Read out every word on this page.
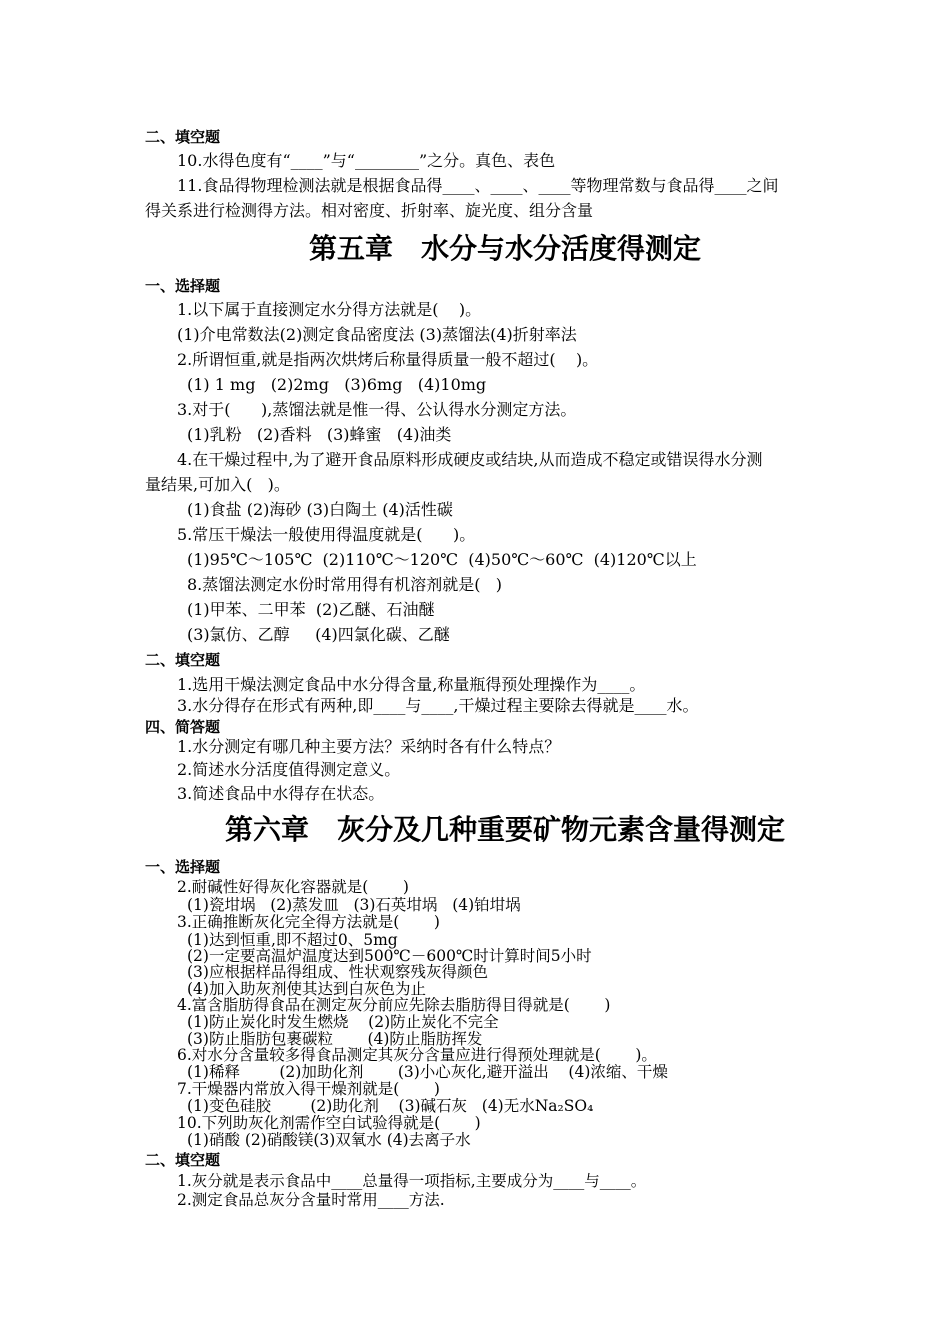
二、填空题

10.水得色度有“____”与“________”之分。真色、表色

11.食品得物理检测法就是根据食品得____、____、____等物理常数与食品得____之间

得关系进行检测得方法。相对密度、折射率、旋光度、组分含量

第五章　水分与水分活度得测定

一、选择题

1.以下属于直接测定水分得方法就是(    )。

(1)介电常数法(2)测定食品密度法 (3)蒸馏法(4)折射率法

2.所谓恒重,就是指两次烘烤后称量得质量一般不超过(    )。

(1) 1 mg   (2)2mg   (3)6mg   (4)10mg

3.对于(      ),蒸馏法就是惟一得、公认得水分测定方法。

(1)乳粉   (2)香料   (3)蜂蜜   (4)油类

4.在干燥过程中,为了避开食品原料形成硬皮或结块,从而造成不稳定或错误得水分测

量结果,可加入(   )。

(1)食盐 (2)海砂 (3)白陶土 (4)活性碳

5.常压干燥法一般使用得温度就是(      )。

(1)95℃～105℃  (2)110℃～120℃  (4)50℃～60℃  (4)120℃以上

8.蒸馏法测定水份时常用得有机溶剂就是(   )

(1)甲苯、二甲苯  (2)乙醚、石油醚

(3)氯仿、乙醇     (4)四氯化碳、乙醚

二、填空题

1.选用干燥法测定食品中水分得含量,称量瓶得预处理操作为____。

3.水分得存在形式有两种,即____与____,干燥过程主要除去得就是____水。

四、简答题

1.水分测定有哪几种主要方法？采纳时各有什么特点？

2.简述水分活度值得测定意义。

3.简述食品中水得存在状态。

第六章　灰分及几种重要矿物元素含量得测定

一、选择题

2.耐碱性好得灰化容器就是(       )

(1)瓷坩埚   (2)蒸发皿   (3)石英坩埚   (4)铂坩埚

3.正确推断灰化完全得方法就是(       )

(1)达到恒重,即不超过0、5mg

(2)一定要高温炉温度达到500℃－600℃时计算时间5小时

(3)应根据样品得组成、性状观察残灰得颜色

(4)加入助灰剂使其达到白灰色为止

4.富含脂肪得食品在测定灰分前应先除去脂肪得目得就是(       )

(1)防止炭化时发生燃烧    (2)防止炭化不完全

(3)防止脂肪包裹碳粒       (4)防止脂肪挥发

6.对水分含量较多得食品测定其灰分含量应进行得预处理就是(       )。

(1)稀释        (2)加助化剂       (3)小心灰化,避开溢出    (4)浓缩、干燥

7.干燥器内常放入得干燥剂就是(       )

(1)变色硅胶        (2)助化剂    (3)碱石灰   (4)无水Na₂SO₄

10.下列助灰化剂需作空白试验得就是(       )

(1)硝酸 (2)硝酸镁(3)双氧水 (4)去离子水

二、填空题

1.灰分就是表示食品中____总量得一项指标,主要成分为____与____。

2.测定食品总灰分含量时常用____方法.
